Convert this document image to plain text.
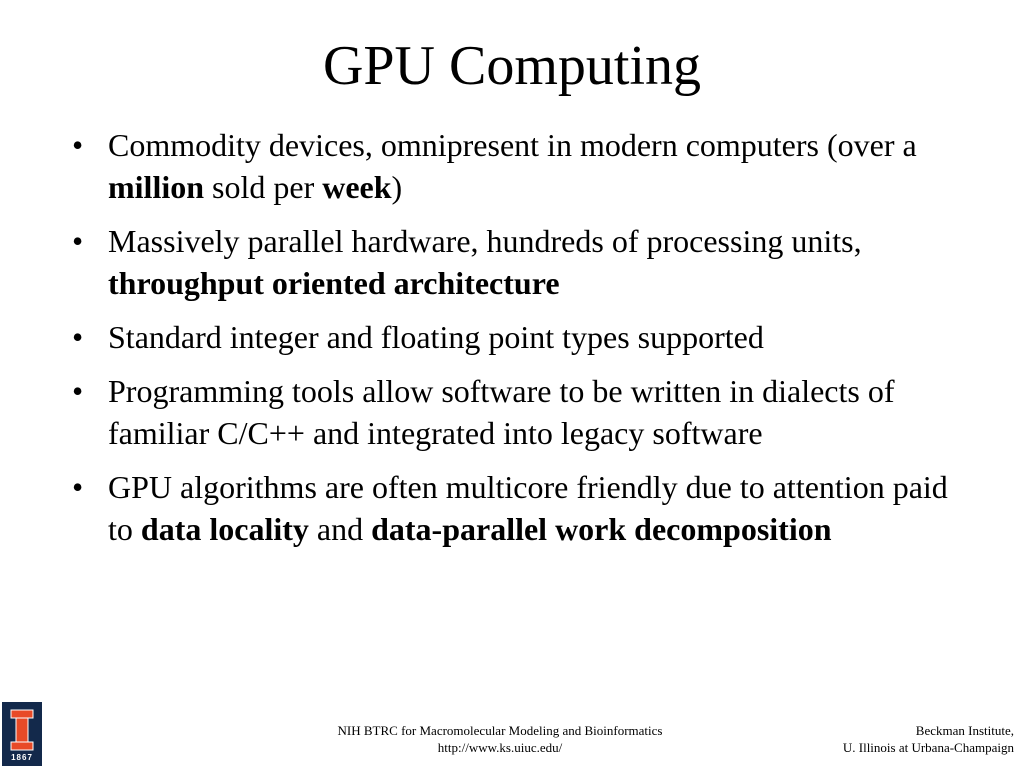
GPU Computing
• Commodity devices, omnipresent in modern computers (over a million sold per week)
• Massively parallel hardware, hundreds of processing units, throughput oriented architecture
• Standard integer and floating point types supported
• Programming tools allow software to be written in dialects of familiar C/C++ and integrated into legacy software
• GPU algorithms are often multicore friendly due to attention paid to data locality and data-parallel work decomposition
1867
NIH BTRC for Macromolecular Modeling and Bioinformatics
http://www.ks.uiuc.edu/
Beckman Institute,
U. Illinois at Urbana-Champaign
